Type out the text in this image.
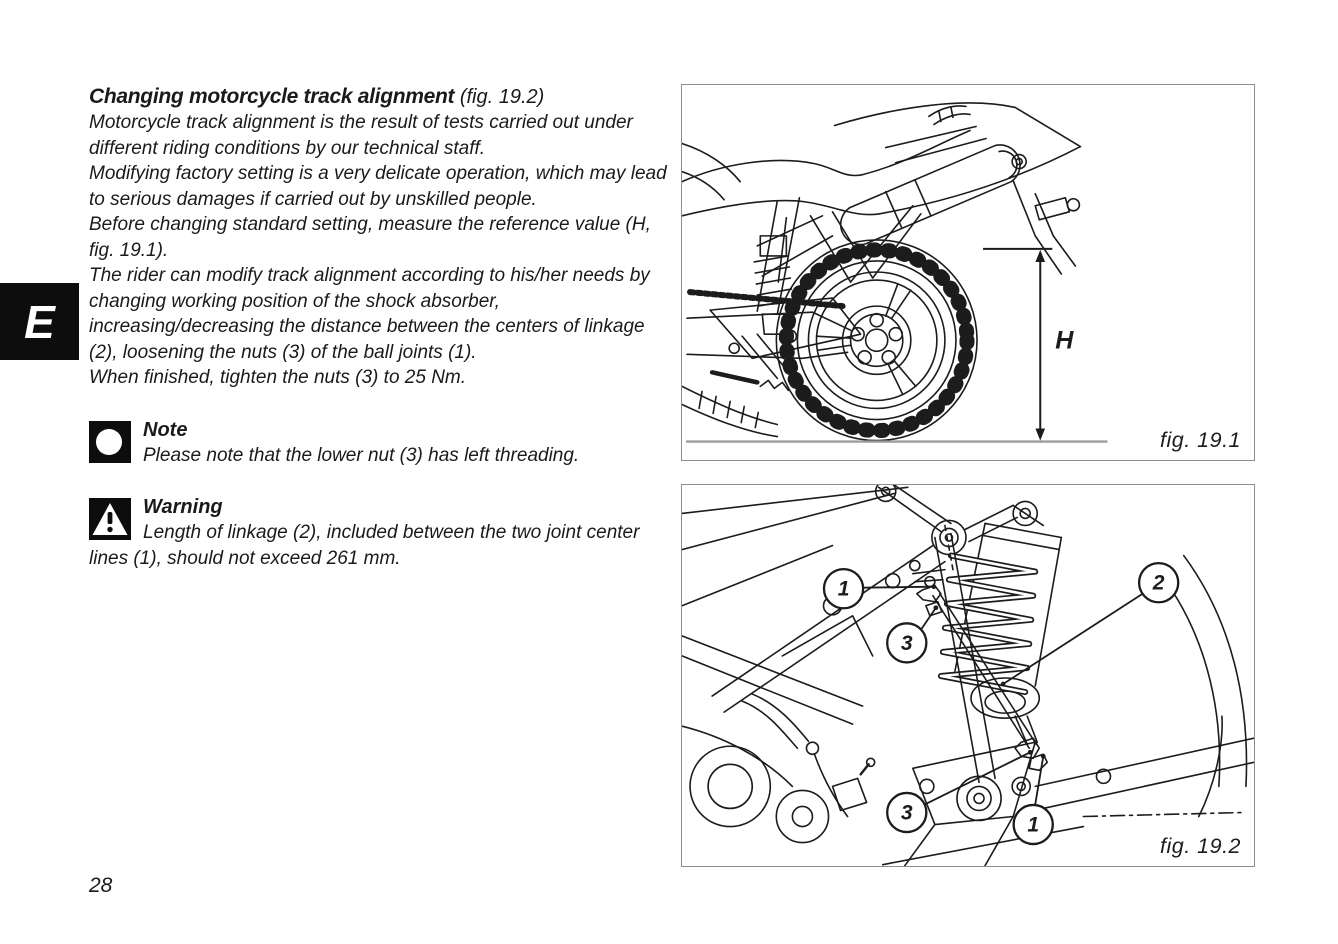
E
Changing motorcycle track alignment (fig. 19.2)

Motorcycle track alignment is the result of tests carried out under different riding conditions by our technical staff.

Modifying factory setting is a very delicate operation, which may lead to serious damages if carried out by unskilled people.

Before changing standard setting, measure the reference value (H, fig. 19.1).

The rider can modify track alignment according to his/her needs by changing working position of the shock absorber, increasing/decreasing the distance between the centers of linkage (2), loosening the nuts (3) of the ball joints (1).

When finished, tighten the nuts (3) to 25 Nm.

Note

Please note that the lower nut (3) has left threading.

Warning

Length of linkage (2), included between the two joint center lines (1), should not exceed 261 mm.

28
H
fig. 19.1
1
3
2
3
1
fig. 19.2
